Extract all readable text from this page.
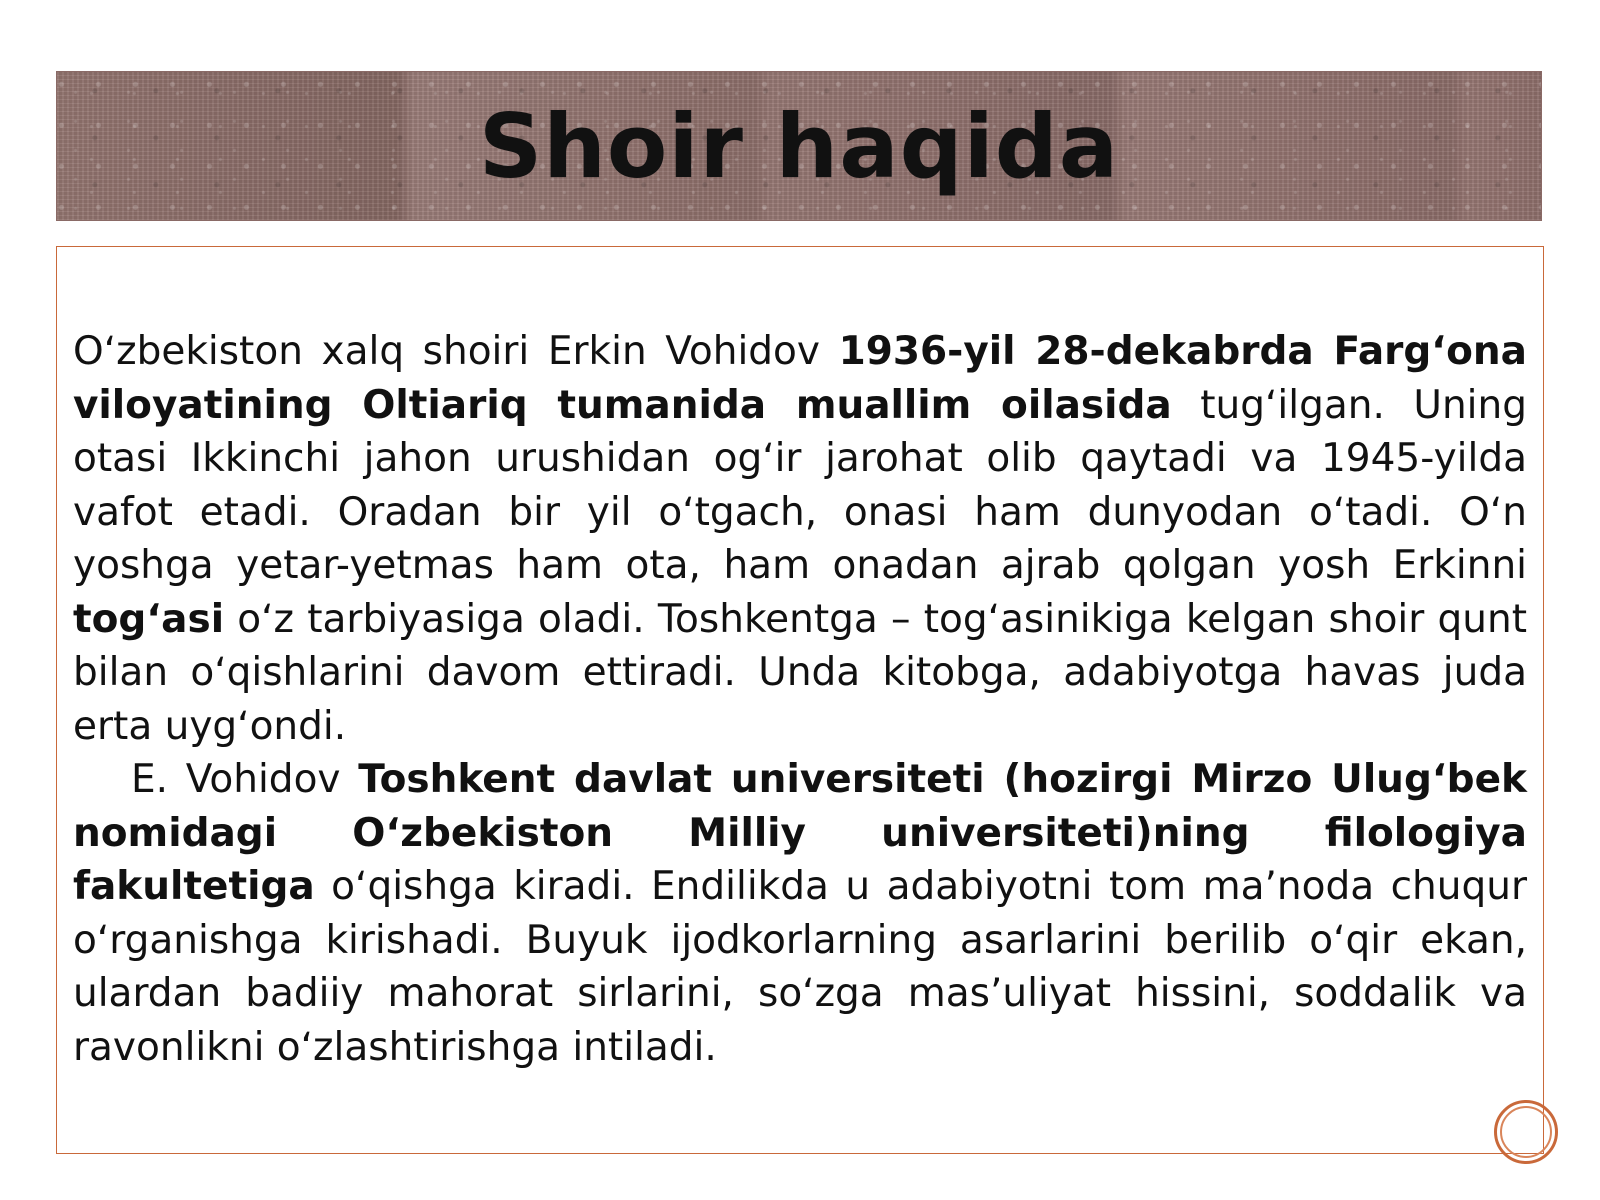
Shoir haqida

O‘zbekiston xalq shoiri Erkin Vohidov 1936-yil 28-dekabrda Farg‘ona viloyatining Oltiariq tumanida muallim oilasida tug‘ilgan. Uning otasi Ikkinchi jahon urushidan og‘ir jarohat olib qaytadi va 1945-yilda vafot etadi. Oradan bir yil o‘tgach, onasi ham dunyodan o‘tadi. O‘n yoshga yetar-yetmas ham ota, ham onadan ajrab qolgan yosh Erkinni tog‘asi o‘z tarbiyasiga oladi. Toshkentga – tog‘asinikiga kelgan shoir qunt bilan o‘qishlarini davom ettiradi. Unda kitobga, adabiyotga havas juda erta uyg‘ondi.

E. Vohidov Toshkent davlat universiteti (hozirgi Mirzo Ulug‘bek nomidagi O‘zbekiston Milliy universiteti)ning filologiya fakultetiga o‘qishga kiradi. Endilikda u adabiyotni tom ma’noda chuqur o‘rganishga kirishadi. Buyuk ijodkorlarning asarlarini berilib o‘qir ekan, ulardan badiiy mahorat sirlarini, so‘zga mas’uliyat hissini, soddalik va ravonlikni o‘zlashtirishga intiladi.
